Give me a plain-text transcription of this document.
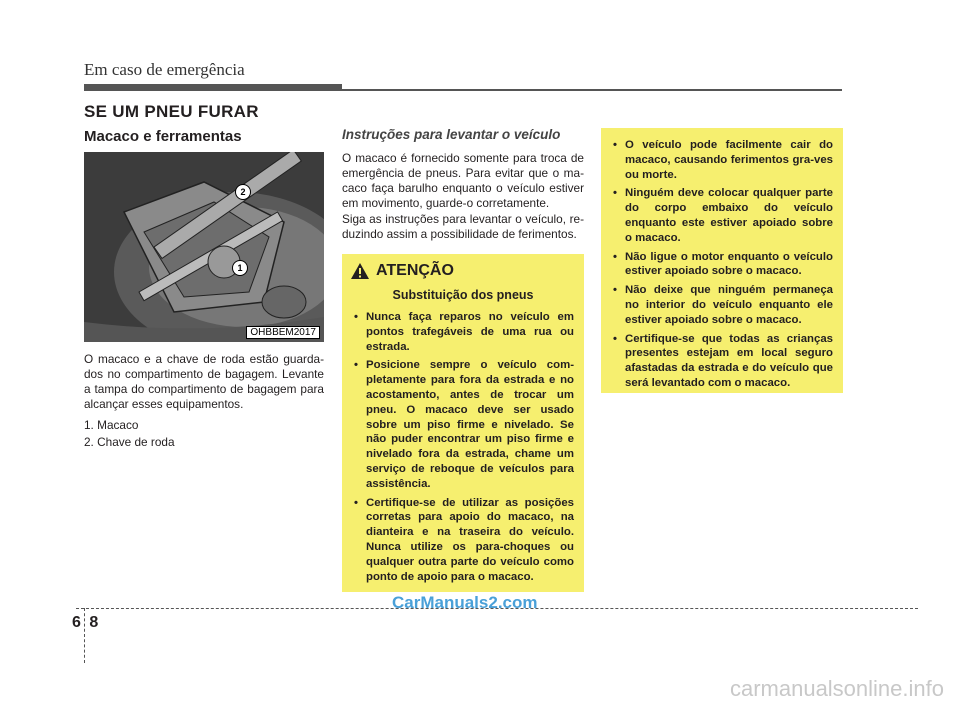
Em caso de emergência
SE UM PNEU FURAR
Macaco e ferramentas
2
1
OHBBEM2017
O macaco e a chave de roda estão guarda-dos no compartimento de bagagem. Levante a tampa do compartimento de bagagem para alcançar esses equipamentos.
1. Macaco
2. Chave de roda
Instruções para levantar o veículo
O macaco é fornecido somente para troca de emergência de pneus. Para evitar que o ma-caco faça barulho enquanto o veículo estiver em movimento, guarde-o corretamente.
Siga as instruções para levantar o veículo, re-duzindo assim a possibilidade de ferimentos.
ATENÇÃO
Substituição dos pneus
• Nunca faça reparos no veículo em pontos trafegáveis de uma rua ou estrada.
• Posicione sempre o veículo com-pletamente para fora da estrada e no acostamento, antes de trocar um pneu. O macaco deve ser usado sobre um piso firme e nivelado. Se não puder encontrar um piso firme e nivelado fora da estrada, chame um serviço de reboque de veículos para assistência.
• Certifique-se de utilizar as posições corretas para apoio do macaco, na dianteira e na traseira do veículo. Nunca utilize os para-choques ou qualquer outra parte do veículo como ponto de apoio para o macaco.
• O veículo pode facilmente cair do macaco, causando ferimentos gra-ves ou morte.
• Ninguém deve colocar qualquer parte do corpo embaixo do veículo enquanto este estiver apoiado sobre o macaco.
• Não ligue o motor enquanto o veículo estiver apoiado sobre o macaco.
• Não deixe que ninguém permaneça no interior do veículo enquanto ele estiver apoiado sobre o macaco.
• Certifique-se que todas as crianças presentes estejam em local seguro afastadas da estrada e do veículo que será levantado com o macaco.
CarManuals2.com
6 8
carmanualsonline.info
